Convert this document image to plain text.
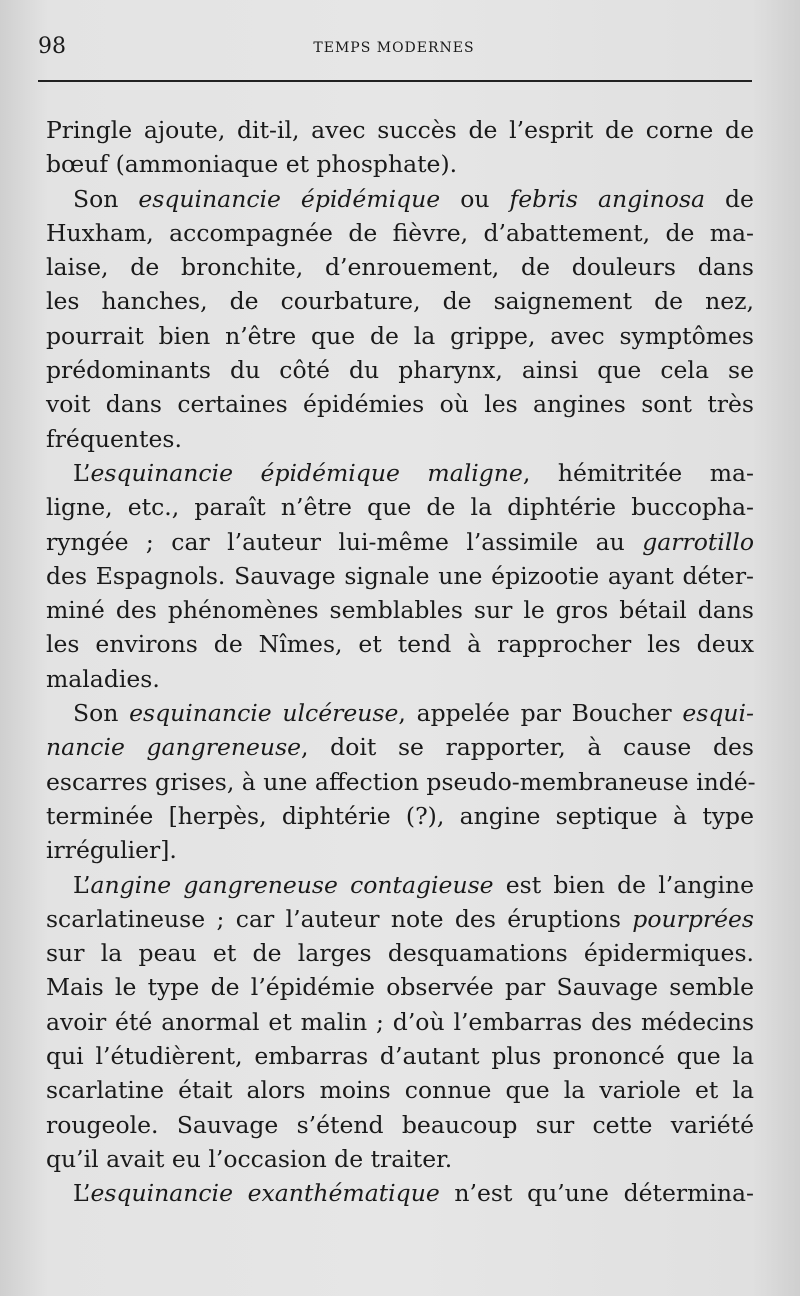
98	TEMPS MODERNES
Pringle ajoute, dit-il, avec succès de l’esprit de corne de
bœuf (ammoniaque et phosphate).
Son esquinancie épidémique ou febris anginosa de
Huxham, accompagnée de fièvre, d’abattement, de ma-
laise, de bronchite, d’enrouement, de douleurs dans
les hanches, de courbature, de saignement de nez,
pourrait bien n’être que de la grippe, avec symptômes
prédominants du côté du pharynx, ainsi que cela se
voit dans certaines épidémies où les angines sont très
fréquentes.
L’esquinancie épidémique maligne, hémitritée ma-
ligne, etc., paraît n’être que de la diphtérie buccopha-
ryngée ; car l’auteur lui-même l’assimile au garrotillo
des Espagnols. Sauvage signale une épizootie ayant déter-
miné des phénomènes semblables sur le gros bétail dans
les environs de Nîmes, et tend à rapprocher les deux
maladies.
Son esquinancie ulcéreuse, appelée par Boucher esqui-
nancie gangreneuse, doit se rapporter, à cause des
escarres grises, à une affection pseudo-membraneuse indé-
terminée [herpès, diphtérie (?), angine septique à type
irrégulier].
L’angine gangreneuse contagieuse est bien de l’angine
scarlatineuse ; car l’auteur note des éruptions pourprées
sur la peau et de larges desquamations épidermiques.
Mais le type de l’épidémie observée par Sauvage semble
avoir été anormal et malin ; d’où l’embarras des médecins
qui l’étudièrent, embarras d’autant plus prononcé que la
scarlatine était alors moins connue que la variole et la
rougeole. Sauvage s’étend beaucoup sur cette variété
qu’il avait eu l’occasion de traiter.
L’esquinancie exanthématique n’est qu’une détermina-
